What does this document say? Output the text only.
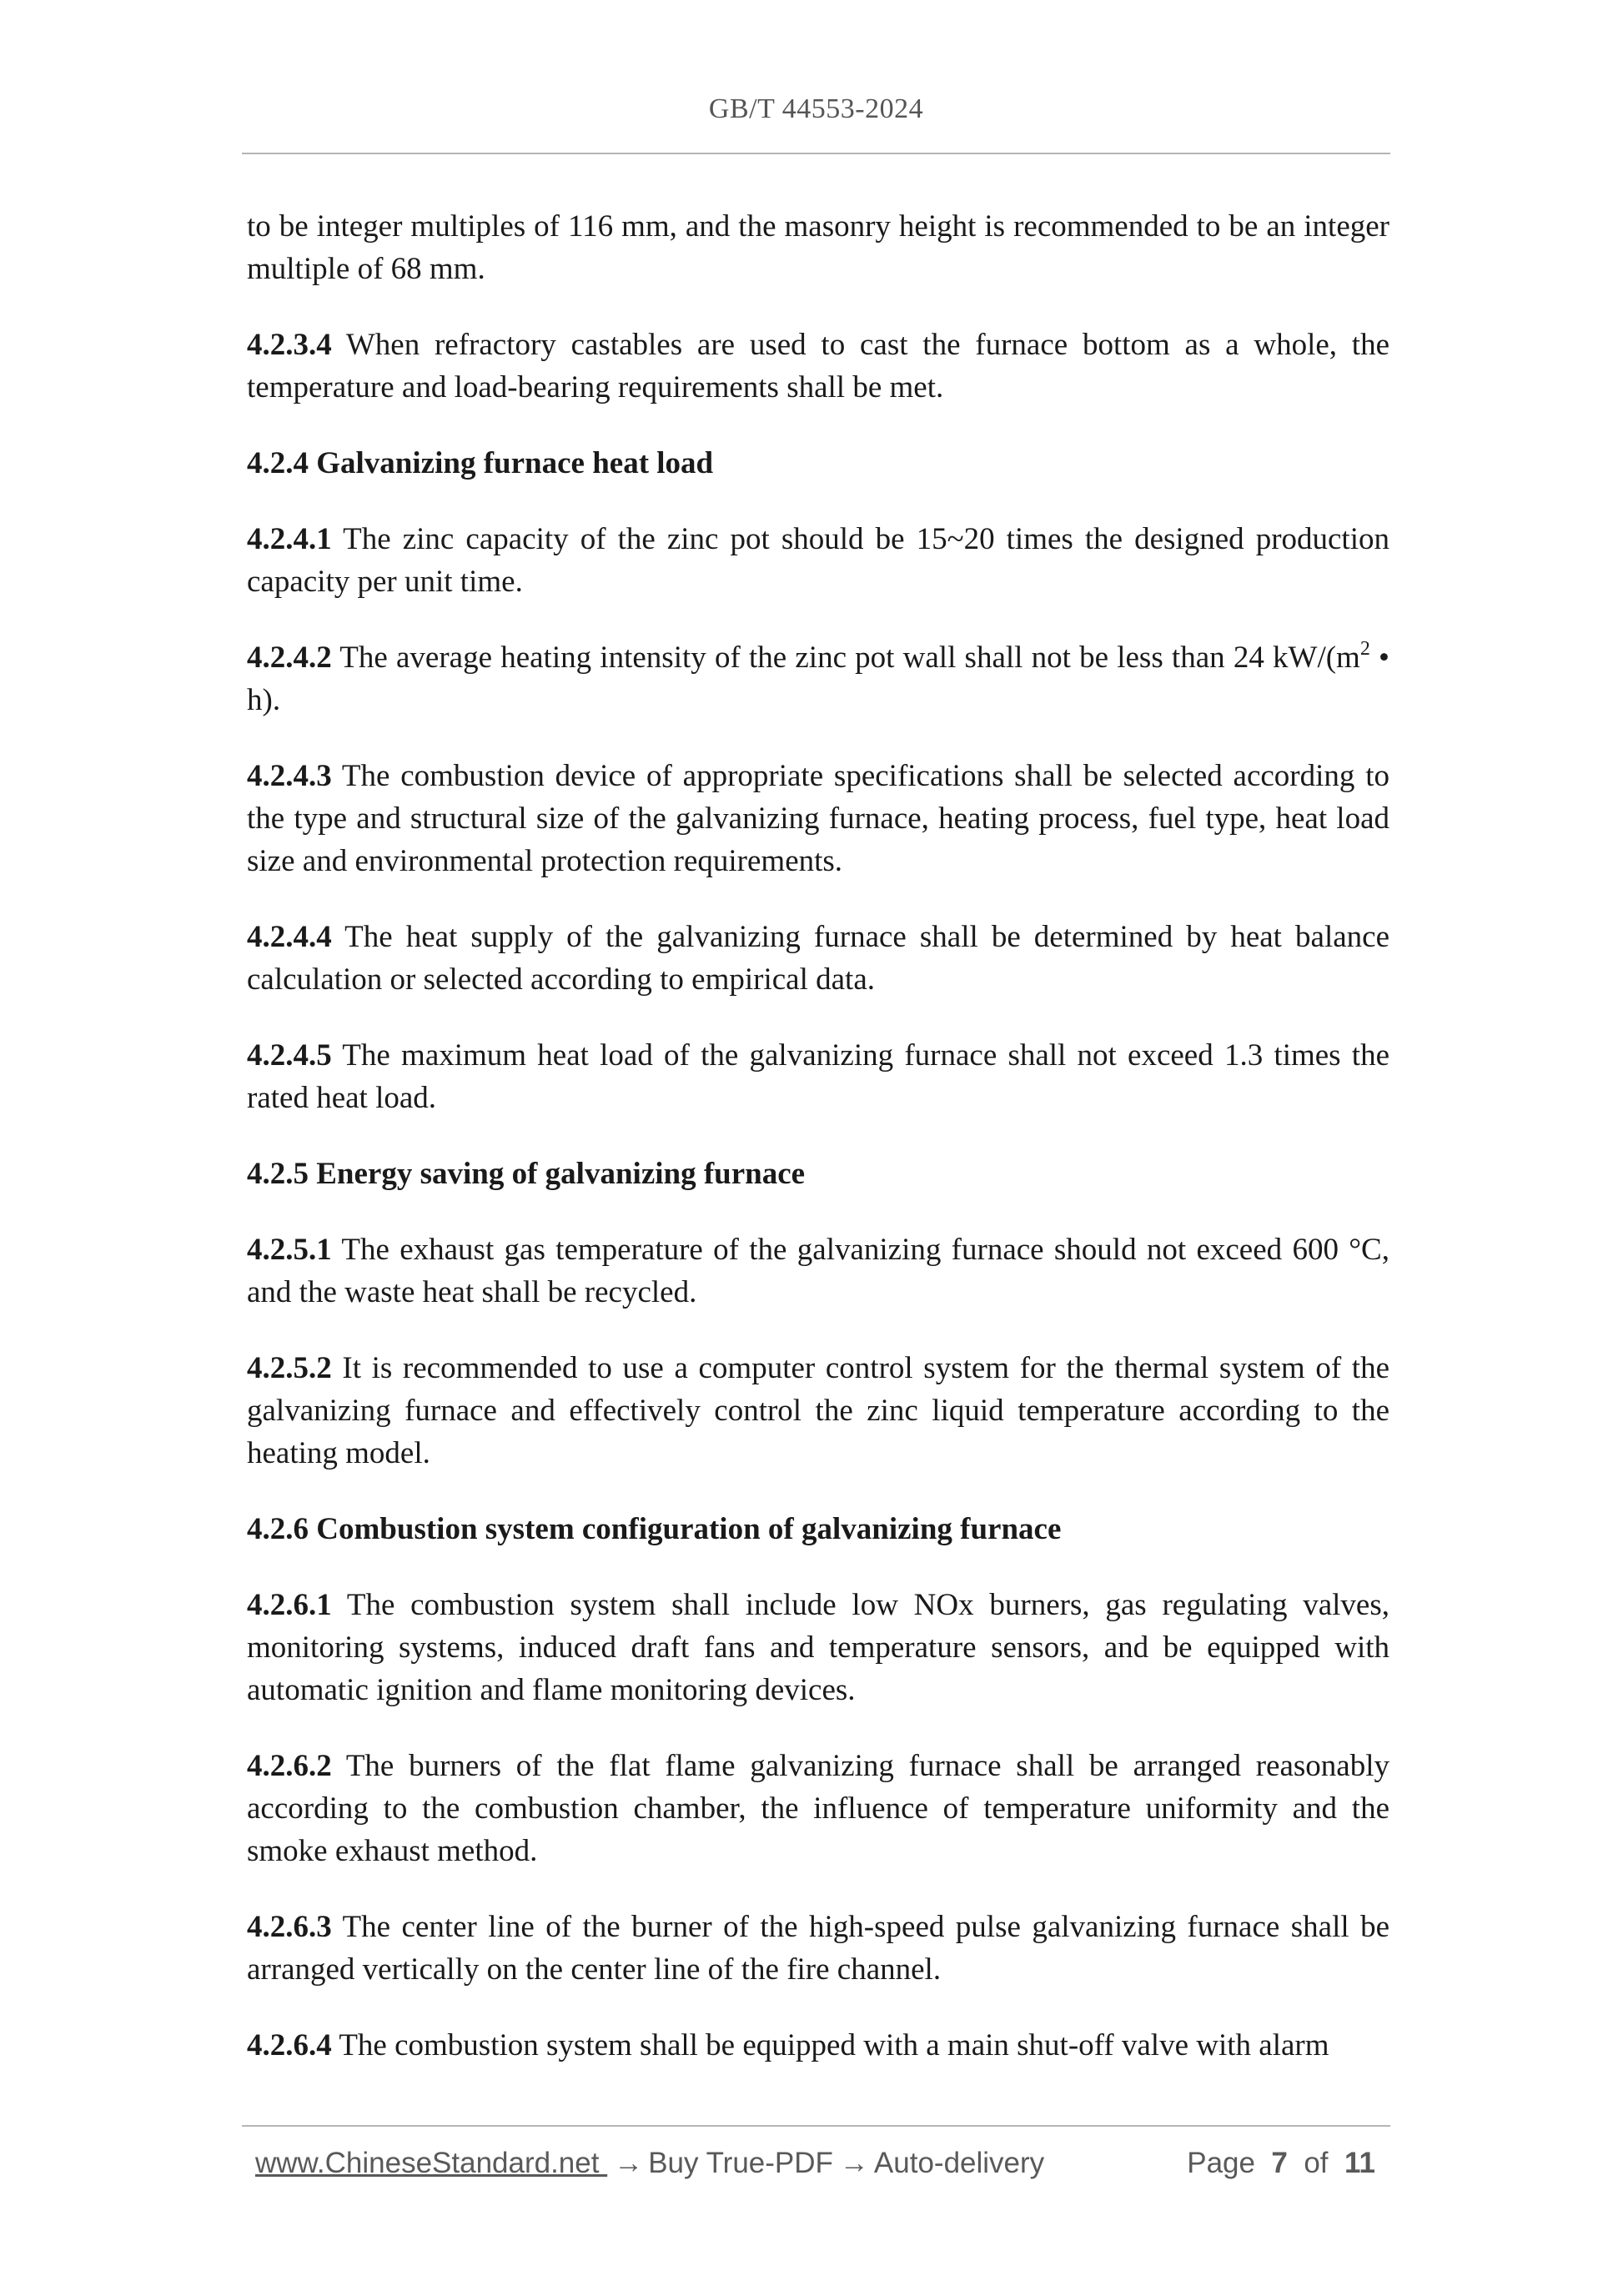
GB/T 44553-2024

to be integer multiples of 116 mm, and the masonry height is recommended to be an integer multiple of 68 mm.

4.2.3.4 When refractory castables are used to cast the furnace bottom as a whole, the temperature and load-bearing requirements shall be met.

4.2.4 Galvanizing furnace heat load

4.2.4.1 The zinc capacity of the zinc pot should be 15~20 times the designed production capacity per unit time.

4.2.4.2 The average heating intensity of the zinc pot wall shall not be less than 24 $kW/(m^2$ • h).

4.2.4.3 The combustion device of appropriate specifications shall be selected according to the type and structural size of the galvanizing furnace, heating process, fuel type, heat load size and environmental protection requirements.

4.2.4.4 The heat supply of the galvanizing furnace shall be determined by heat balance calculation or selected according to empirical data.

4.2.4.5 The maximum heat load of the galvanizing furnace shall not exceed 1.3 times the rated heat load.

4.2.5 Energy saving of galvanizing furnace

4.2.5.1 The exhaust gas temperature of the galvanizing furnace should not exceed 600 °C, and the waste heat shall be recycled.

4.2.5.2 It is recommended to use a computer control system for the thermal system of the galvanizing furnace and effectively control the zinc liquid temperature according to the heating model.

4.2.6 Combustion system configuration of galvanizing furnace

4.2.6.1 The combustion system shall include low NOx burners, gas regulating valves, monitoring systems, induced draft fans and temperature sensors, and be equipped with automatic ignition and flame monitoring devices.

4.2.6.2 The burners of the flat flame galvanizing furnace shall be arranged reasonably according to the combustion chamber, the influence of temperature uniformity and the smoke exhaust method.

4.2.6.3 The center line of the burner of the high-speed pulse galvanizing furnace shall be arranged vertically on the center line of the fire channel.

4.2.6.4 The combustion system shall be equipped with a main shut-off valve with alarm

www.ChineseStandard.net → Buy True-PDF → Auto-delivery	Page 7 of 11
